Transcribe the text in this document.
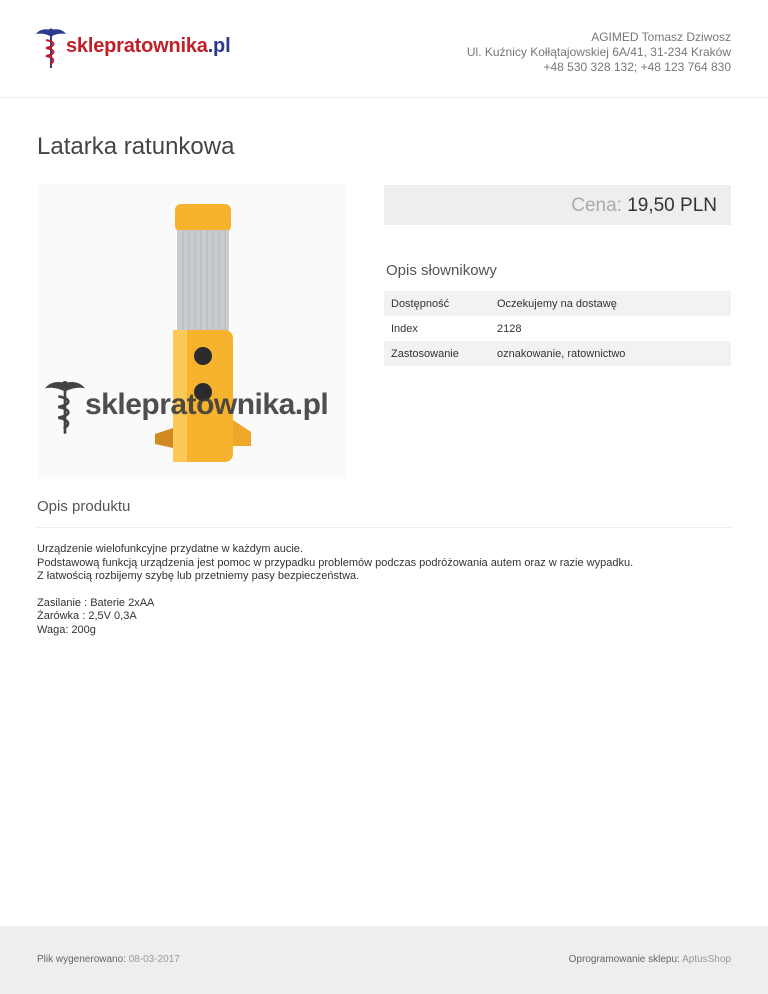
sklepratownika.pl	AGIMED Tomasz Dziwosz
Ul. Kuźnicy Kołłątajowskiej 6A/41, 31-234 Kraków
+48 530 328 132; +48 123 764 830
Latarka ratunkowa
sklepratownika.pl
Cena: 19,50 PLN
Opis słownikowy
Dostępność	Oczekujemy na dostawę
Index	2128
Zastosowanie	oznakowanie, ratownictwo
Opis produktu
Urządzenie wielofunkcyjne przydatne w każdym aucie.
Podstawową funkcją urządzenia jest pomoc w przypadku problemów podczas podróżowania autem oraz w razie wypadku.
Z łatwością rozbijemy szybę lub przetniemy pasy bezpieczeństwa.
Zasilanie : Baterie 2xAA
Żarówka : 2,5V 0,3A
Waga: 200g
Plik wygenerowano: 08-03-2017	Oprogramowanie sklepu: AptusShop
